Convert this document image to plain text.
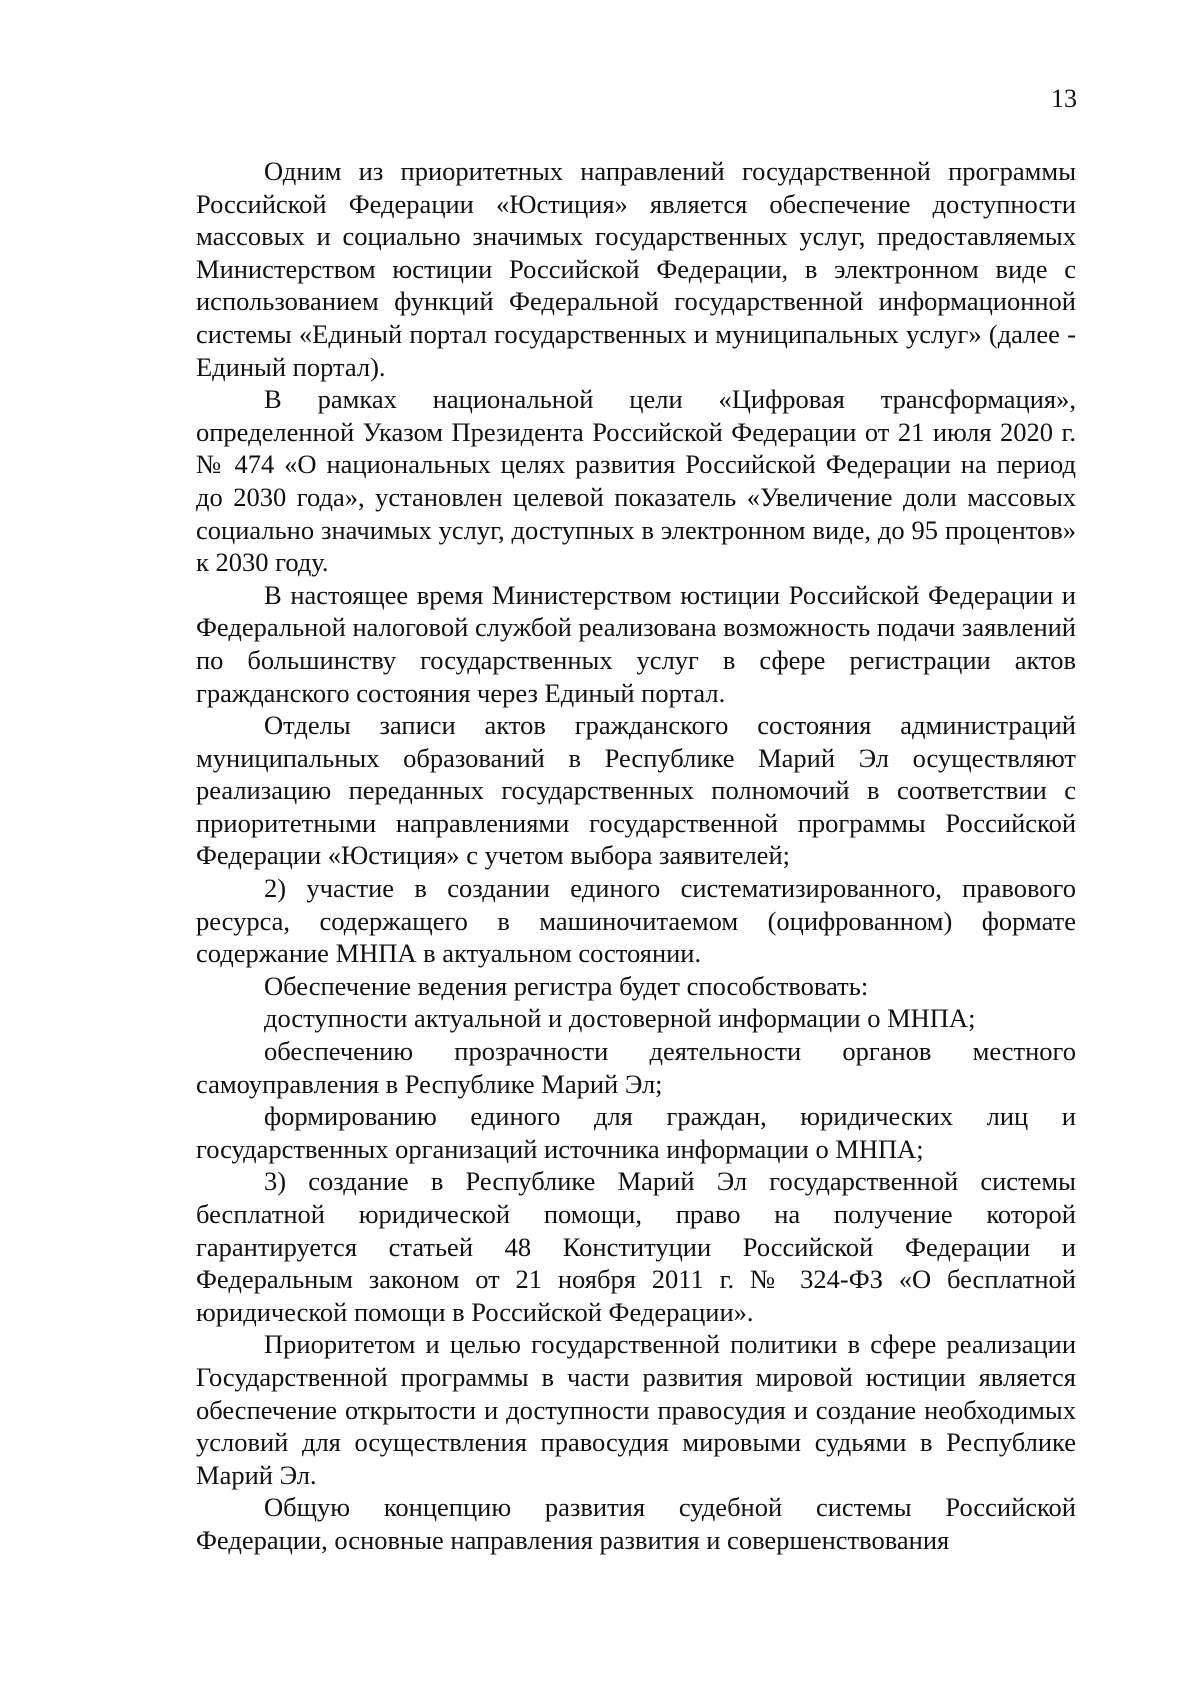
13

Одним из приоритетных направлений государственной программы Российской Федерации «Юстиция» является обеспечение доступности массовых и социально значимых государственных услуг, предоставляемых Министерством юстиции Российской Федерации, в электронном виде с использованием функций Федеральной государственной информационной системы «Единый портал государственных и муниципальных услуг» (далее - Единый портал).

В рамках национальной цели «Цифровая трансформация», определенной Указом Президента Российской Федерации от 21 июля 2020 г. № 474 «О национальных целях развития Российской Федерации на период до 2030 года», установлен целевой показатель «Увеличение доли массовых социально значимых услуг, доступных в электронном виде, до 95 процентов» к 2030 году.

В настоящее время Министерством юстиции Российской Федерации и Федеральной налоговой службой реализована возможность подачи заявлений по большинству государственных услуг в сфере регистрации актов гражданского состояния через Единый портал.

Отделы записи актов гражданского состояния администраций муниципальных образований в Республике Марий Эл осуществляют реализацию переданных государственных полномочий в соответствии с приоритетными направлениями государственной программы Российской Федерации «Юстиция» с учетом выбора заявителей;

2) участие в создании единого систематизированного, правового ресурса, содержащего в машиночитаемом (оцифрованном) формате содержание МНПА в актуальном состоянии.

Обеспечение ведения регистра будет способствовать:

доступности актуальной и достоверной информации о МНПА;

обеспечению прозрачности деятельности органов местного самоуправления в Республике Марий Эл;

формированию единого для граждан, юридических лиц и государственных организаций источника информации о МНПА;

3) создание в Республике Марий Эл государственной системы бесплатной юридической помощи, право на получение которой гарантируется статьей 48 Конституции Российской Федерации и Федеральным законом от 21 ноября 2011 г. № 324-ФЗ «О бесплатной юридической помощи в Российской Федерации».

Приоритетом и целью государственной политики в сфере реализации Государственной программы в части развития мировой юстиции является обеспечение открытости и доступности правосудия и создание необходимых условий для осуществления правосудия мировыми судьями в Республике Марий Эл.

Общую концепцию развития судебной системы Российской Федерации, основные направления развития и совершенствования
